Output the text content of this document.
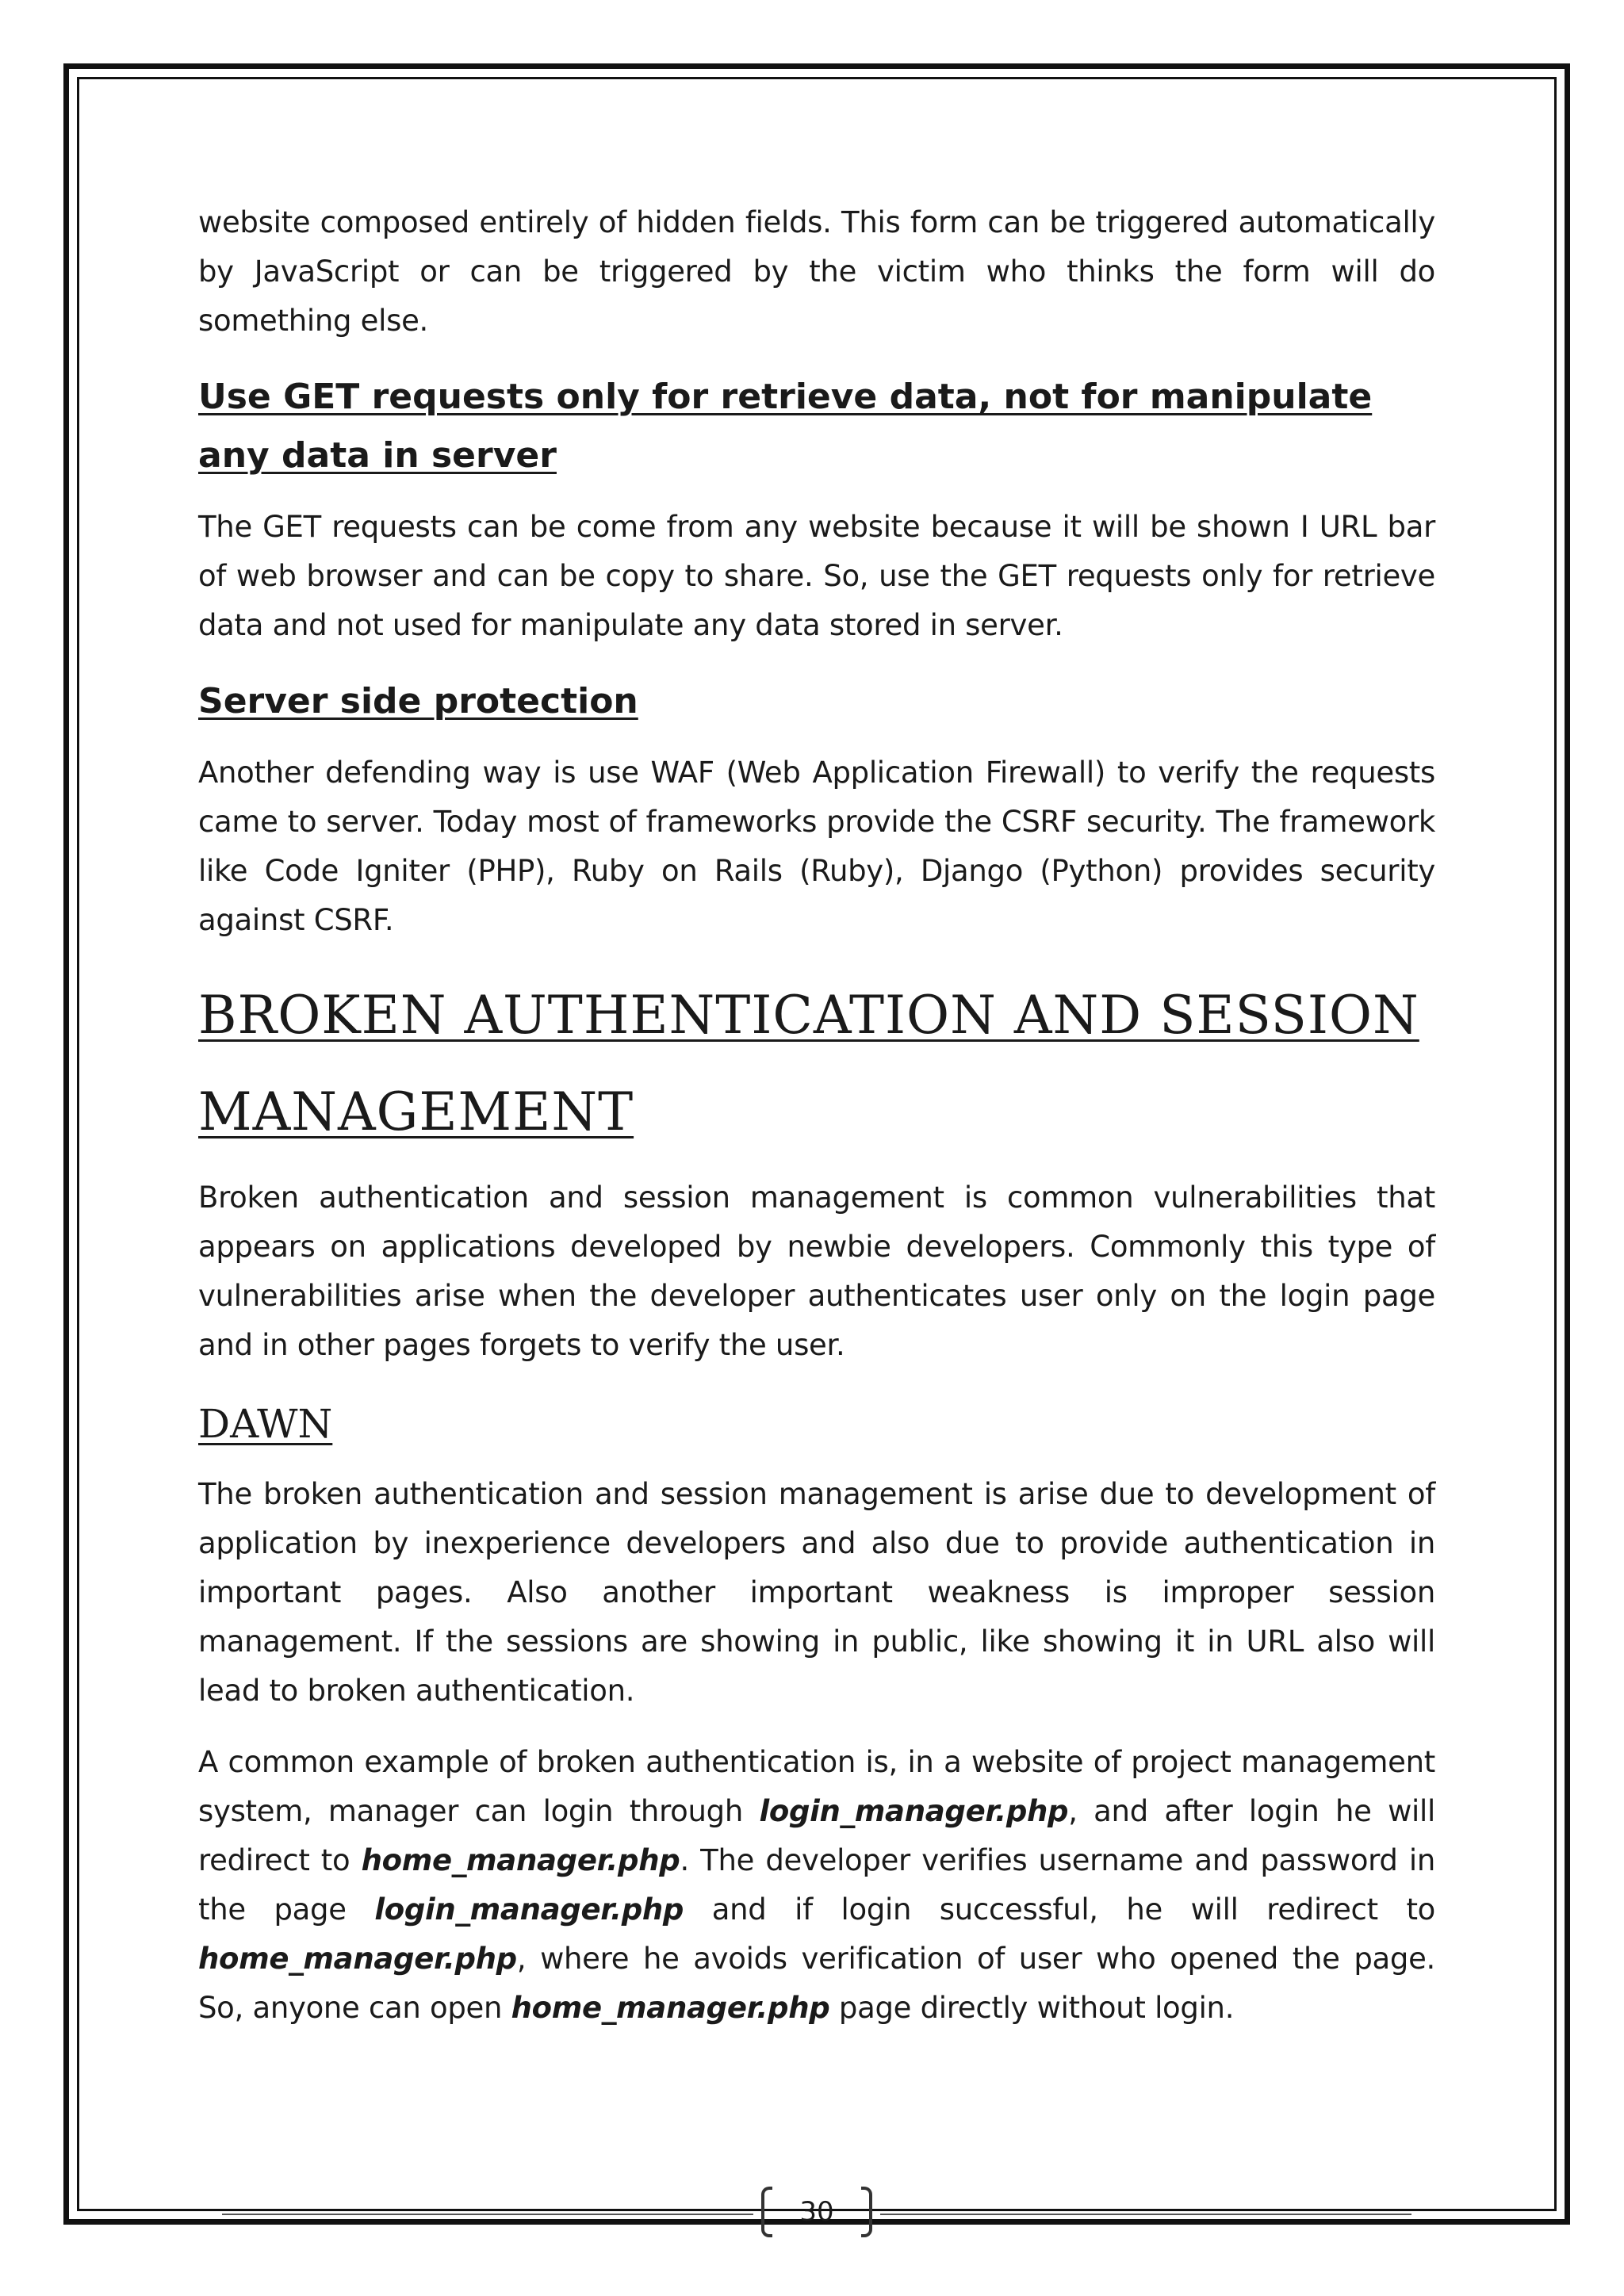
website composed entirely of hidden fields. This form can be triggered automatically by JavaScript or can be triggered by the victim who thinks the form will do something else.

Use GET requests only for retrieve data, not for manipulate any data in server

The GET requests can be come from any website because it will be shown I URL bar of web browser and can be copy to share. So, use the GET requests only for retrieve data and not used for manipulate any data stored in server.

Server side protection

Another defending way is use WAF (Web Application Firewall) to verify the requests came to server. Today most of frameworks provide the CSRF security. The framework like Code Igniter (PHP), Ruby on Rails (Ruby), Django (Python) provides security against CSRF.

BROKEN AUTHENTICATION AND SESSION MANAGEMENT

Broken authentication and session management is common vulnerabilities that appears on applications developed by newbie developers. Commonly this type of vulnerabilities arise when the developer authenticates user only on the login page and in other pages forgets to verify the user.

DAWN

The broken authentication and session management is arise due to development of application by inexperience developers and also due to provide authentication in important pages. Also another important weakness is improper session management. If the sessions are showing in public, like showing it in URL also will lead to broken authentication.

A common example of broken authentication is, in a website of project management system, manager can login through login_manager.php, and after login he will redirect to home_manager.php. The developer verifies username and password in the page login_manager.php and if login successful, he will redirect to home_manager.php, where he avoids verification of user who opened the page. So, anyone can open home_manager.php page directly without login.

30
